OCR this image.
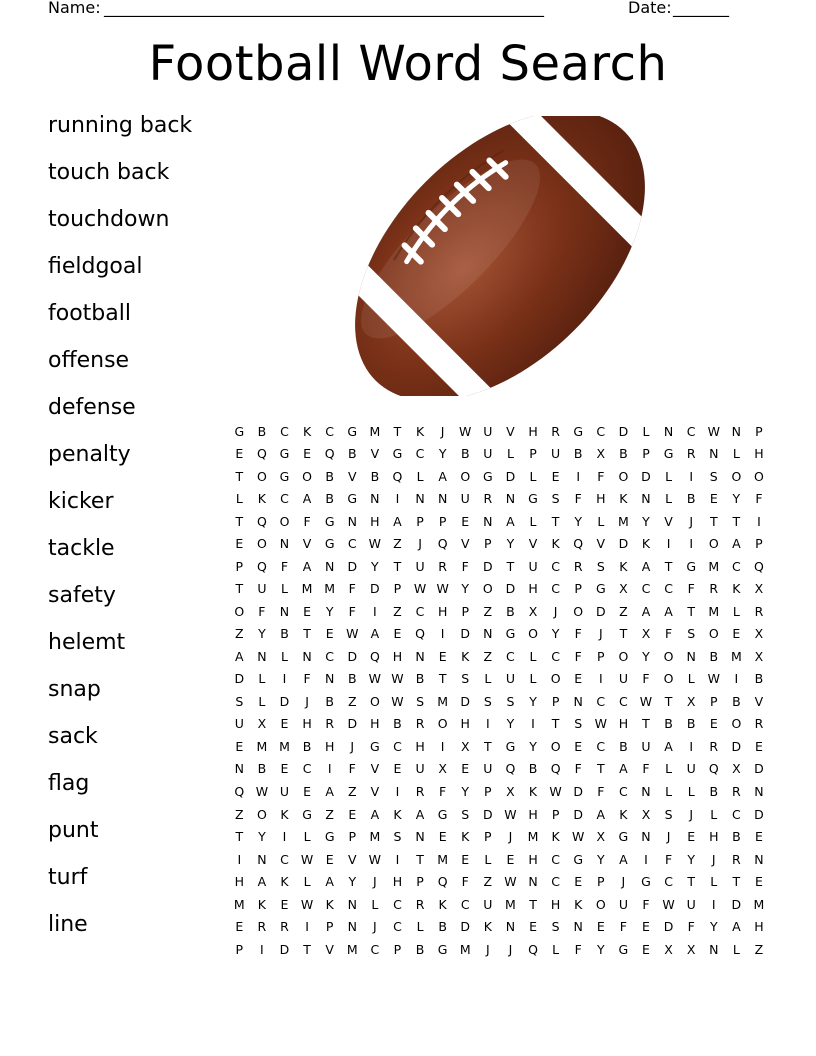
Name: _______________________________________________________	Date: _______
Football Word Search
running back
touch back
touchdown
fieldgoal
football
offense
defense
penalty
kicker
tackle
safety
helemt
snap
sack
flag
punt
turf
line
G	B	C	K	C	G	M	T	K	J	W	U	V	H	R	G	C	D	L	N	C	W	N	P
E	Q	G	E	Q	B	V	G	C	Y	B	U	L	P	U	B	X	B	P	G	R	N	L	H
T	O	G	O	B	V	B	Q	L	A	O	G	D	L	E	I	F	O	D	L	I	S	O	O
L	K	C	A	B	G	N	I	N	N	U	R	N	G	S	F	H	K	N	L	B	E	Y	F
T	Q	O	F	G	N	H	A	P	P	E	N	A	L	T	Y	L	M	Y	V	J	T	T	I
E	O	N	V	G	C	W	Z	J	Q	V	P	Y	V	K	Q	V	D	K	I	I	O	A	P
P	Q	F	A	N	D	Y	T	U	R	F	D	T	U	C	R	S	K	A	T	G	M	C	Q
T	U	L	M	M	F	D	P	W	W	Y	O	D	H	C	P	G	X	C	C	F	R	K	X
O	F	N	E	Y	F	I	Z	C	H	P	Z	B	X	J	O	D	Z	A	A	T	M	L	R
Z	Y	B	T	E	W	A	E	Q	I	D	N	G	O	Y	F	J	T	X	F	S	O	E	X
A	N	L	N	C	D	Q	H	N	E	K	Z	C	L	C	F	P	O	Y	O	N	B	M	X
D	L	I	F	N	B	W	W	B	T	S	L	U	L	O	E	I	U	F	O	L	W	I	B
S	L	D	J	B	Z	O	W	S	M	D	S	S	Y	P	N	C	C	W	T	X	P	B	V
U	X	E	H	R	D	H	B	R	O	H	I	Y	I	T	S	W	H	T	B	B	E	O	R
E	M	M	B	H	J	G	C	H	I	X	T	G	Y	O	E	C	B	U	A	I	R	D	E
N	B	E	C	I	F	V	E	U	X	E	U	Q	B	Q	F	T	A	F	L	U	Q	X	D
Q	W	U	E	A	Z	V	I	R	F	Y	P	X	K	W	D	F	C	N	L	L	B	R	N
Z	O	K	G	Z	E	A	K	A	G	S	D	W	H	P	D	A	K	X	S	J	L	C	D
T	Y	I	L	G	P	M	S	N	E	K	P	J	M	K	W	X	G	N	J	E	H	B	E
I	N	C	W	E	V	W	I	T	M	E	L	E	H	C	G	Y	A	I	F	Y	J	R	N
H	A	K	L	A	Y	J	H	P	Q	F	Z	W	N	C	E	P	J	G	C	T	L	T	E
M	K	E	W	K	N	L	C	R	K	C	U	M	T	H	K	O	U	F	W	U	I	D	M
E	R	R	I	P	N	J	C	L	B	D	K	N	E	S	N	E	F	E	D	F	Y	A	H
P	I	D	T	V	M	C	P	B	G	M	J	J	Q	L	F	Y	G	E	X	X	N	L	Z
